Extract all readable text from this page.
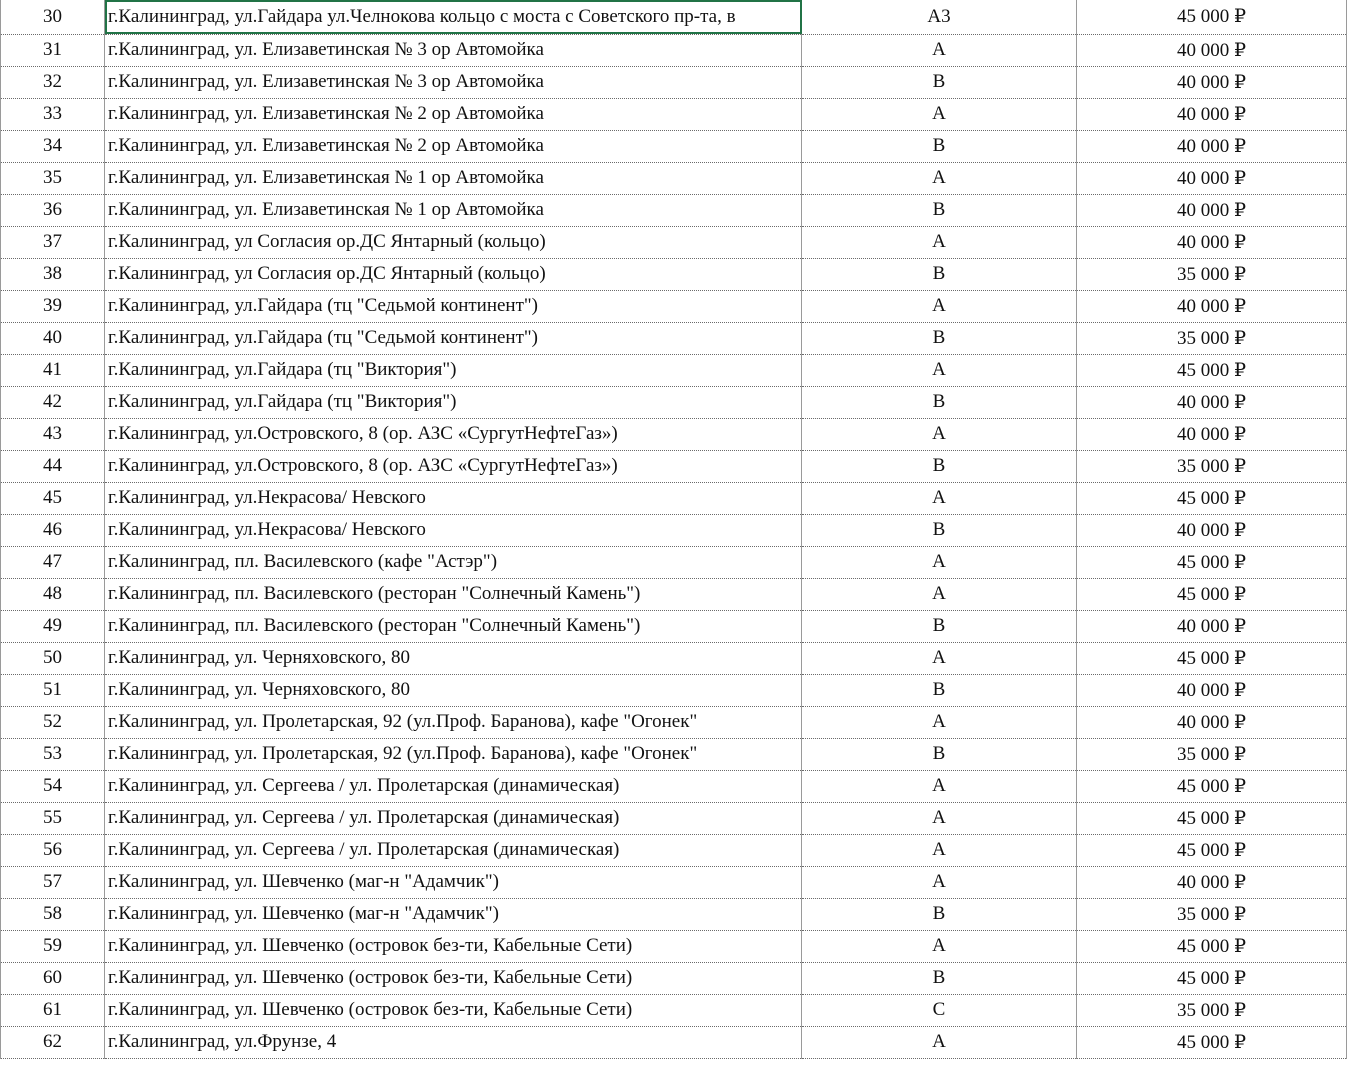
30	г.Калининград, ул.Гайдара ул.Челнокова кольцо с моста с Советского пр-та, в	А3	45 000 ₽
31	г.Калининград, ул. Елизаветинская № 3 ор Автомойка	А	40 000 ₽
32	г.Калининград, ул. Елизаветинская № 3 ор Автомойка	В	40 000 ₽
33	г.Калининград, ул. Елизаветинская № 2 ор Автомойка	А	40 000 ₽
34	г.Калининград, ул. Елизаветинская № 2 ор Автомойка	В	40 000 ₽
35	г.Калининград, ул. Елизаветинская № 1 ор Автомойка	А	40 000 ₽
36	г.Калининград, ул. Елизаветинская № 1 ор Автомойка	В	40 000 ₽
37	г.Калининград, ул Согласия ор.ДС Янтарный (кольцо)	А	40 000 ₽
38	г.Калининград, ул Согласия ор.ДС Янтарный (кольцо)	В	35 000 ₽
39	г.Калининград, ул.Гайдара (тц "Седьмой континент")	А	40 000 ₽
40	г.Калининград, ул.Гайдара (тц "Седьмой континент")	В	35 000 ₽
41	г.Калининград, ул.Гайдара (тц "Виктория")	А	45 000 ₽
42	г.Калининград, ул.Гайдара (тц "Виктория")	В	40 000 ₽
43	г.Калининград, ул.Островского, 8 (ор. АЗС «СургутНефтеГаз»)	А	40 000 ₽
44	г.Калининград, ул.Островского, 8 (ор. АЗС «СургутНефтеГаз»)	В	35 000 ₽
45	г.Калининград, ул.Некрасова/ Невского	А	45 000 ₽
46	г.Калининград, ул.Некрасова/ Невского	В	40 000 ₽
47	г.Калининград, пл. Василевского (кафе "Астэр")	А	45 000 ₽
48	г.Калининград, пл. Василевского (ресторан "Солнечный Камень")	А	45 000 ₽
49	г.Калининград, пл. Василевского (ресторан "Солнечный Камень")	В	40 000 ₽
50	г.Калининград, ул. Черняховского, 80	А	45 000 ₽
51	г.Калининград, ул. Черняховского, 80	В	40 000 ₽
52	г.Калининград, ул. Пролетарская, 92 (ул.Проф. Баранова), кафе "Огонек"	А	40 000 ₽
53	г.Калининград, ул. Пролетарская, 92 (ул.Проф. Баранова), кафе "Огонек"	В	35 000 ₽
54	г.Калининград, ул. Сергеева / ул. Пролетарская (динамическая)	А	45 000 ₽
55	г.Калининград, ул. Сергеева / ул. Пролетарская (динамическая)	А	45 000 ₽
56	г.Калининград, ул. Сергеева / ул. Пролетарская (динамическая)	А	45 000 ₽
57	г.Калининград, ул. Шевченко (маг-н "Адамчик")	А	40 000 ₽
58	г.Калининград, ул. Шевченко (маг-н "Адамчик")	В	35 000 ₽
59	г.Калининград, ул. Шевченко (островок без-ти, Кабельные Сети)	А	45 000 ₽
60	г.Калининград, ул. Шевченко (островок без-ти, Кабельные Сети)	В	45 000 ₽
61	г.Калининград, ул. Шевченко (островок без-ти, Кабельные Сети)	С	35 000 ₽
62	г.Калининград, ул.Фрунзе, 4	А	45 000 ₽
